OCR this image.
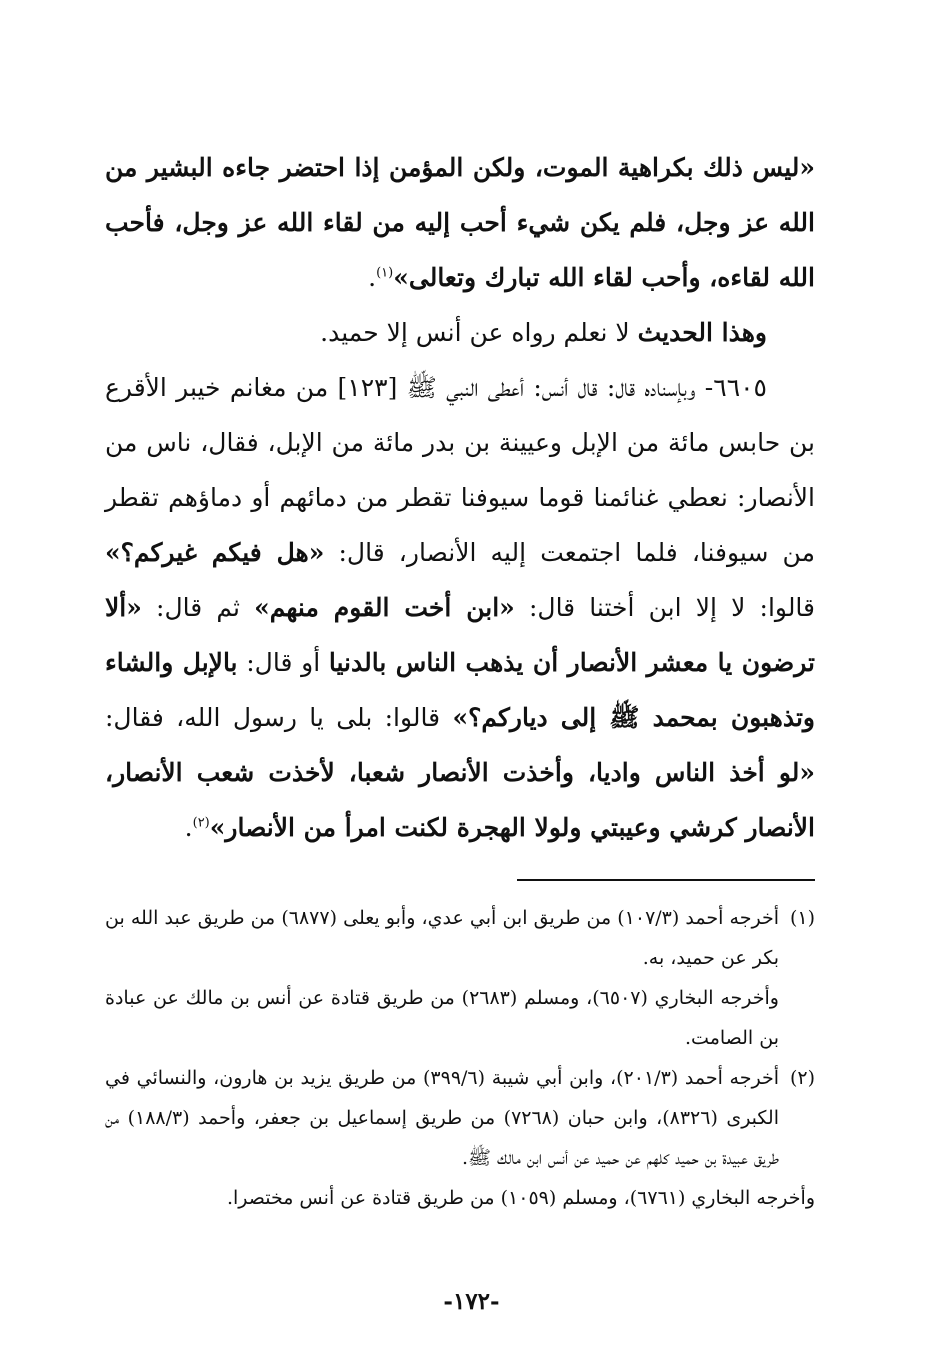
«ليس ذلك بكراهية الموت، ولكن المؤمن إذا احتضر جاءه البشير من الله عز وجل، فلم يكن شيء أحب إليه من لقاء الله عز وجل، فأحب الله لقاءه، وأحب لقاء الله تبارك وتعالى»$^{(١)}$.

وهذا الحديث لا نعلم رواه عن أنس إلا حميد.

٦٦٠٥- وبإسناده قال: قال أنس: أعطى النبي ﷺ [١٢٣] من مغانم خيبر الأقرع بن حابس مائة من الإبل وعيينة بن بدر مائة من الإبل، فقال، ناس من الأنصار: نعطي غنائمنا قوما سيوفنا تقطر من دمائهم أو دماؤهم تقطر من سيوفنا، فلما اجتمعت إليه الأنصار، قال: «هل فيكم غيركم؟» قالوا: لا إلا ابن أختنا قال: «ابن أخت القوم منهم» ثم قال: «ألا ترضون يا معشر الأنصار أن يذهب الناس بالدنيا أو قال: بالإبل والشاء وتذهبون بمحمد ﷺ إلى دياركم؟» قالوا: بلى يا رسول الله، فقال: «لو أخذ الناس واديا، وأخذت الأنصار شعبا، لأخذت شعب الأنصار، الأنصار كرشي وعيبتي ولولا الهجرة لكنت امرأ من الأنصار»$^{(٢)}$.

(١)
أخرجه أحمد (١٠٧/٣) من طريق ابن أبي عدي، وأبو يعلى (٦٨٧٧) من طريق عبد الله بن بكر عن حميد، به.

وأخرجه البخاري (٦٥٠٧)، ومسلم (٢٦٨٣) من طريق قتادة عن أنس بن مالك عن عبادة بن الصامت.

(٢)
أخرجه أحمد (٢٠١/٣)، وابن أبي شيبة (٣٩٩/٦) من طريق يزيد بن هارون، والنسائي في الكبرى (٨٣٢٦)، وابن حبان (٧٢٦٨) من طريق إسماعيل بن جعفر، وأحمد (١٨٨/٣) من طريق عبيدة بن حميد كلهم عن حميد عن أنس ابن مالك ﷺ.

وأخرجه البخاري (٦٧٦١)، ومسلم (١٠٥٩) من طريق قتادة عن أنس مختصرا.

-١٧٢-
